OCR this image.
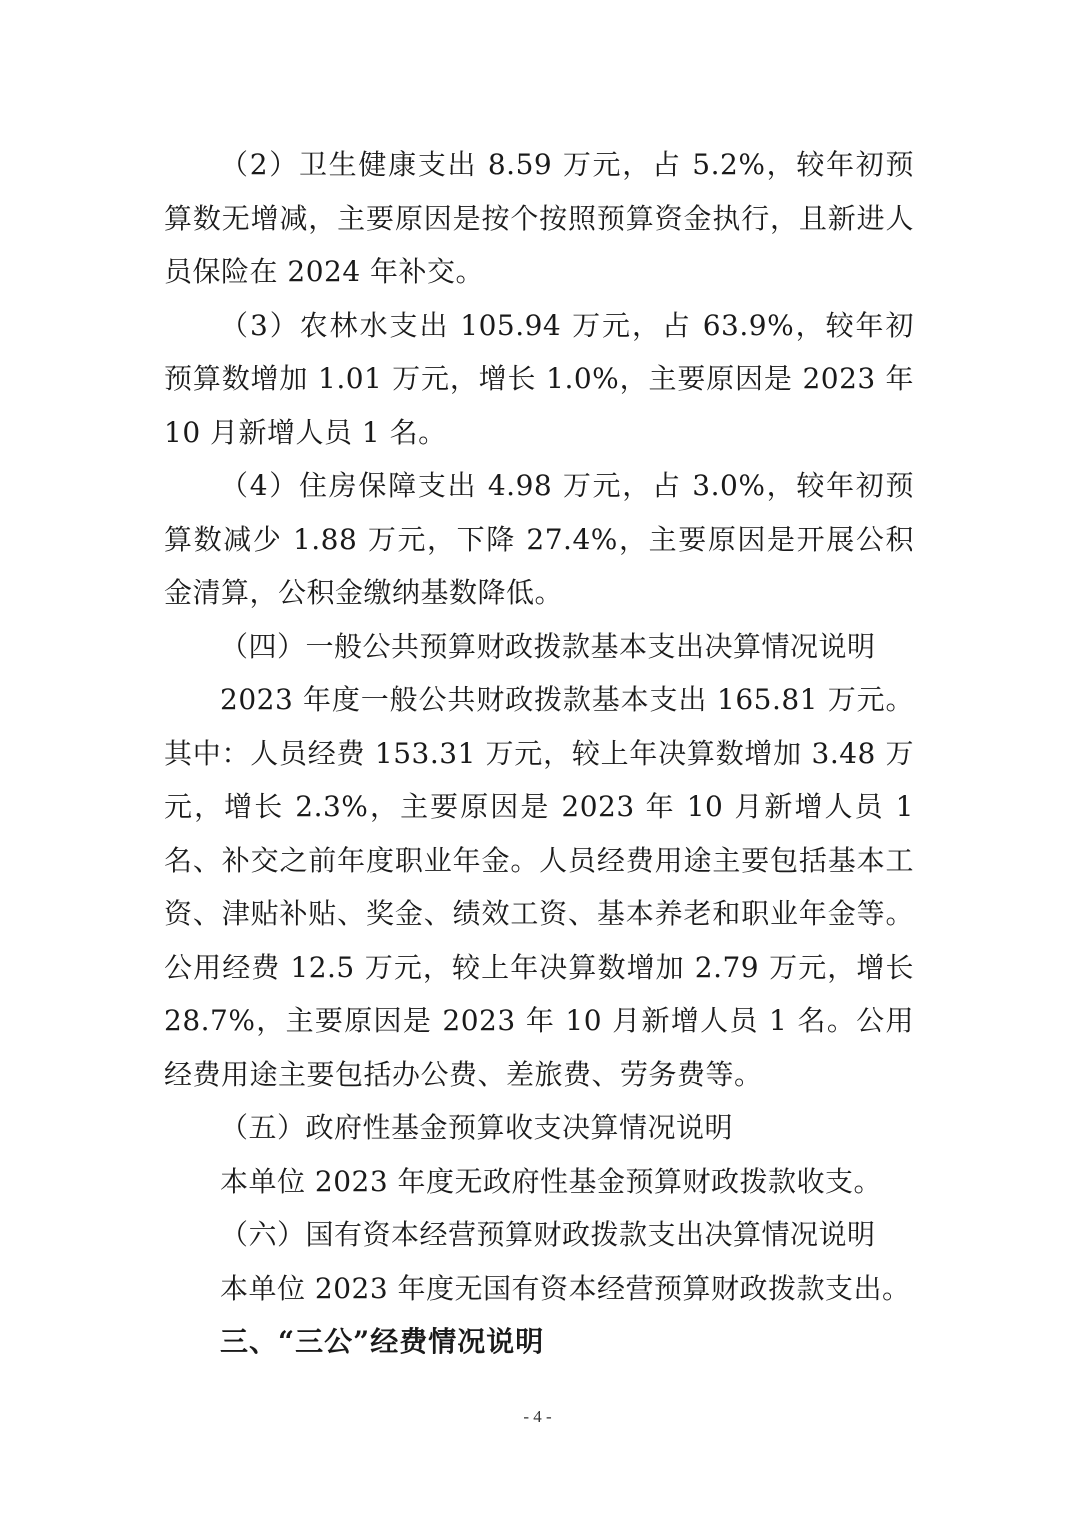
（2）卫生健康支出 8.59 万元，占 5.2%，较年初预算数无增减，主要原因是按个按照预算资金执行，且新进人员保险在 2024 年补交。

（3）农林水支出 105.94 万元，占 63.9%，较年初预算数增加 1.01 万元，增长 1.0%，主要原因是 2023 年 10 月新增人员 1 名。

（4）住房保障支出 4.98 万元，占 3.0%，较年初预算数减少 1.88 万元，下降 27.4%，主要原因是开展公积金清算，公积金缴纳基数降低。

（四）一般公共预算财政拨款基本支出决算情况说明

2023 年度一般公共财政拨款基本支出 165.81 万元。其中：人员经费 153.31 万元，较上年决算数增加 3.48 万元，增长 2.3%，主要原因是 2023 年 10 月新增人员 1 名、补交之前年度职业年金。人员经费用途主要包括基本工资、津贴补贴、奖金、绩效工资、基本养老和职业年金等。公用经费 12.5 万元，较上年决算数增加 2.79 万元，增长 28.7%，主要原因是 2023 年 10 月新增人员 1 名。公用经费用途主要包括办公费、差旅费、劳务费等。

（五）政府性基金预算收支决算情况说明

本单位 2023 年度无政府性基金预算财政拨款收支。

（六）国有资本经营预算财政拨款支出决算情况说明

本单位 2023 年度无国有资本经营预算财政拨款支出。

三、“三公”经费情况说明

- 4 -
